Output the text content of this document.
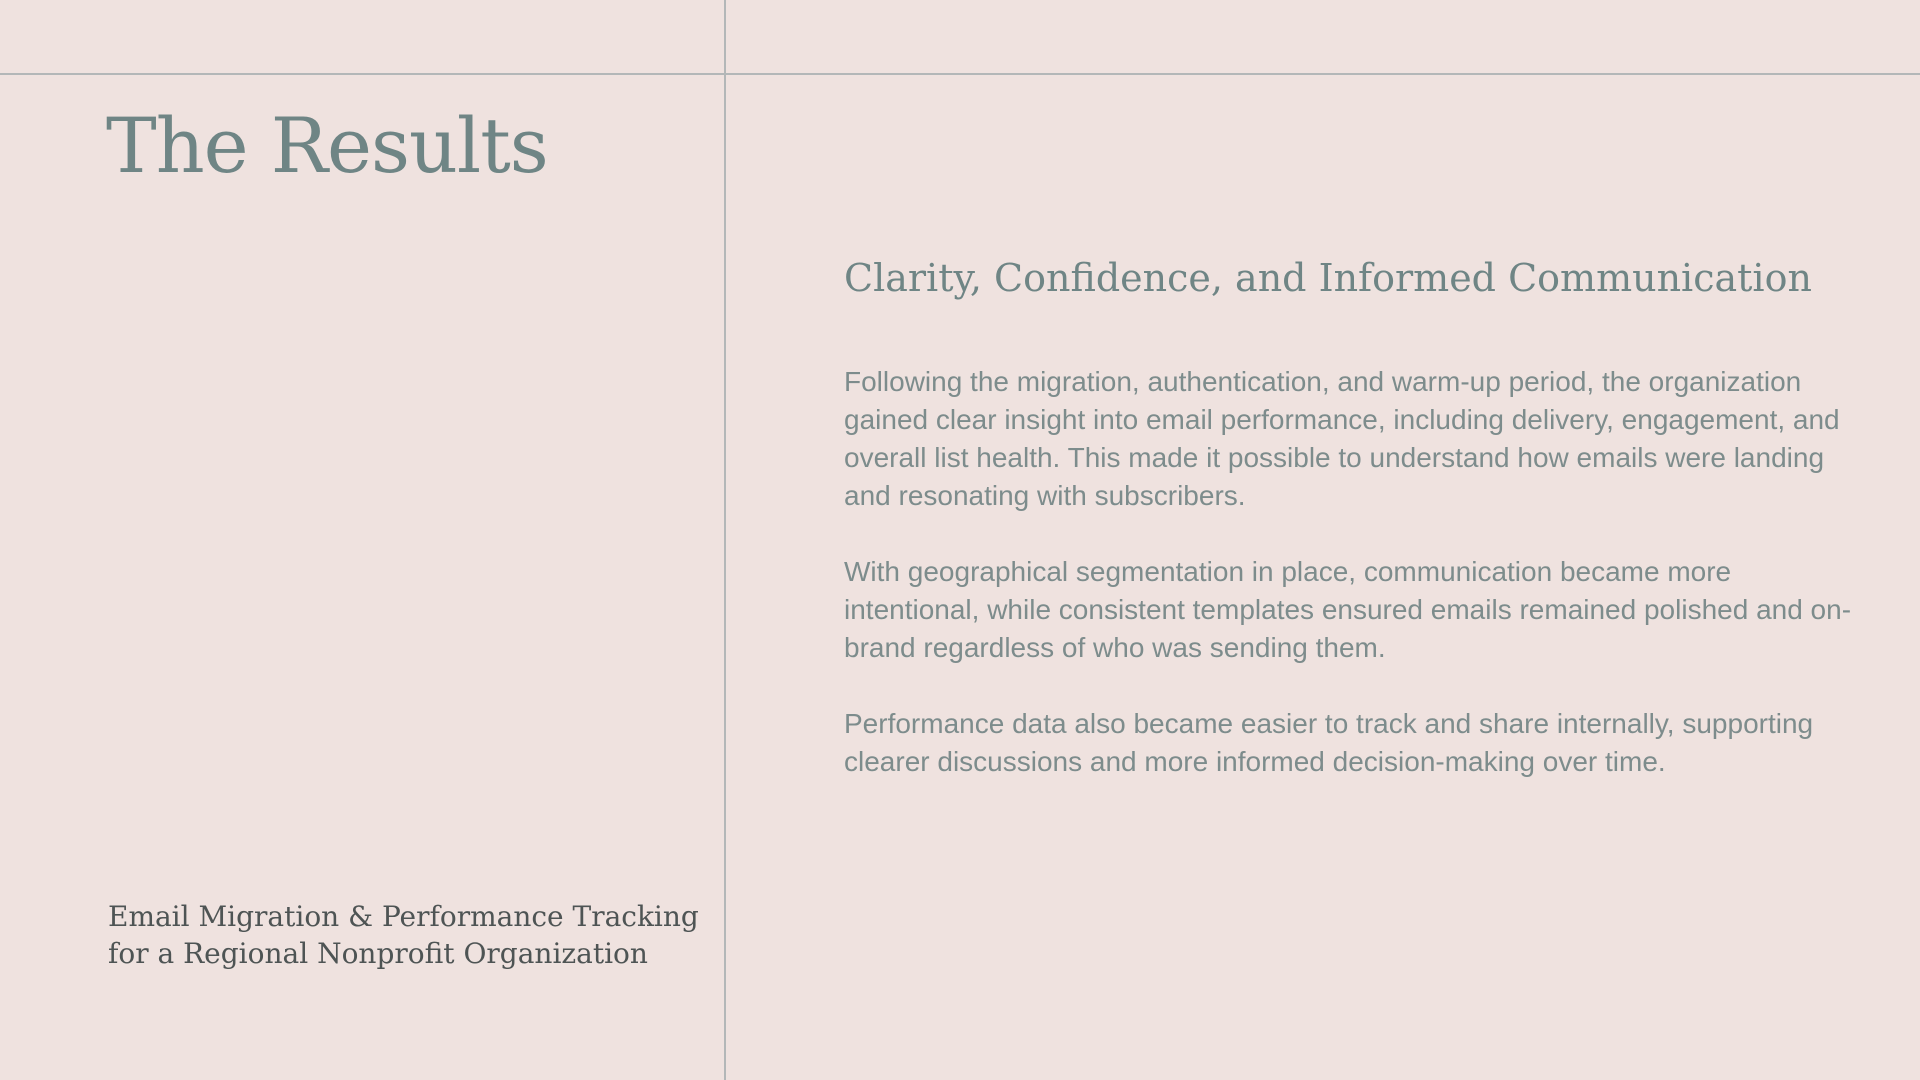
The Results
Email Migration & Performance Tracking
for a Regional Nonprofit Organization
Clarity, Confidence, and Informed Communication

Following the migration, authentication, and warm-up period, the organization gained clear insight into email performance, including delivery, engagement, and overall list health. This made it possible to understand how emails were landing and resonating with subscribers.

With geographical segmentation in place, communication became more intentional, while consistent templates ensured emails remained polished and on-brand regardless of who was sending them.

Performance data also became easier to track and share internally, supporting clearer discussions and more informed decision-making over time.
